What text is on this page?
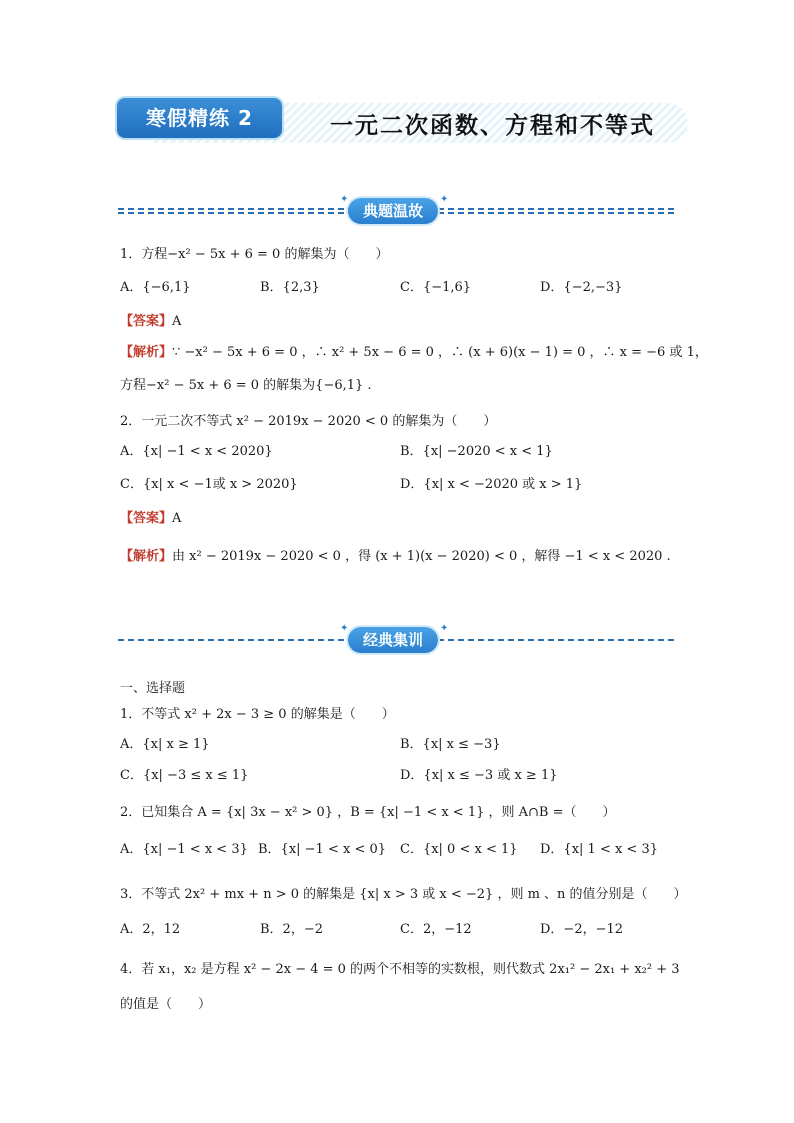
寒假精练 2	一元二次函数、方程和不等式
典题温故
✦	✦
1．方程−x² − 5x + 6 = 0 的解集为（　　）
A．{−6,1}	B．{2,3}	C．{−1,6}	D．{−2,−3}
【答案】A
【解析】∵ −x² − 5x + 6 = 0 ，∴ x² + 5x − 6 = 0 ，∴ (x + 6)(x − 1) = 0 ，∴ x = −6 或 1，
方程−x² − 5x + 6 = 0 的解集为{−6,1} .
2．一元二次不等式 x² − 2019x − 2020 < 0 的解集为（　　）
A．{x| −1 < x < 2020}	B．{x| −2020 < x < 1}
C．{x| x < −1或 x > 2020}	D．{x| x < −2020 或 x > 1}
【答案】A
【解析】由 x² − 2019x − 2020 < 0 ，得 (x + 1)(x − 2020) < 0 ，解得 −1 < x < 2020 .
经典集训
✦	✦
一、选择题
1．不等式 x² + 2x − 3 ≥ 0 的解集是（　　）
A．{x| x ≥ 1}	B．{x| x ≤ −3}
C．{x| −3 ≤ x ≤ 1}	D．{x| x ≤ −3 或 x ≥ 1}
2．已知集合 A = {x| 3x − x² > 0} ，B = {x| −1 < x < 1} ，则 A∩B =（　　）
A．{x| −1 < x < 3} B．{x| −1 < x < 0} C．{x| 0 < x < 1} D．{x| 1 < x < 3}
3．不等式 2x² + mx + n > 0 的解集是 {x| x > 3 或 x < −2} ，则 m 、n 的值分别是（　　）
A．2，12	B．2，−2	C．2，−12	D．−2，−12
4．若 x₁，x₂ 是方程 x² − 2x − 4 = 0 的两个不相等的实数根，则代数式 2x₁² − 2x₁ + x₂² + 3
的值是（　　）
